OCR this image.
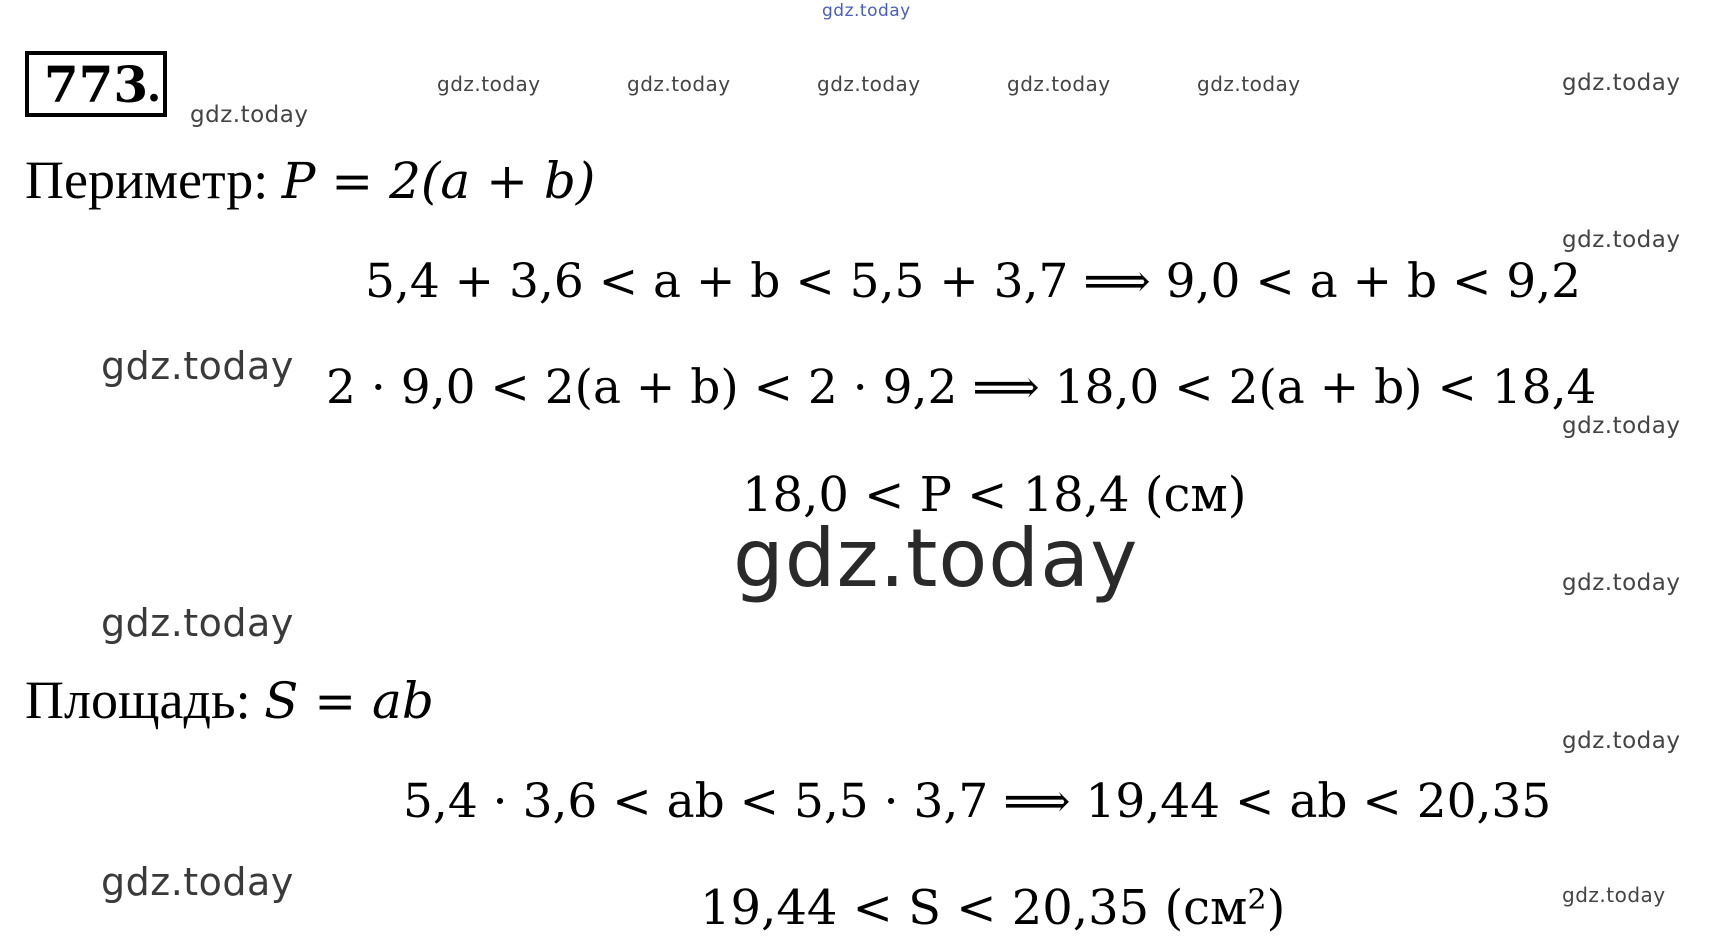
gdz.today
gdz.today	gdz.today	gdz.today	gdz.today	gdz.today	gdz.today
gdz.today
gdz.today
gdz.today
gdz.today
gdz.today
gdz.today
gdz.today
gdz.today	gdz.today
773 .
Периметр: P = 2(a + b)
5,4 + 3,6 < a + b < 5,5 + 3,7 ⟹ 9,0 < a + b < 9,2
2 · 9,0 < 2(a + b) < 2 · 9,2 ⟹ 18,0 < 2(a + b) < 18,4
18,0 < P < 18,4 (см)
gdz.today
Площадь: S = ab
5,4 · 3,6 < ab < 5,5 · 3,7 ⟹ 19,44 < ab < 20,35
19,44 < S < 20,35 (см²)
